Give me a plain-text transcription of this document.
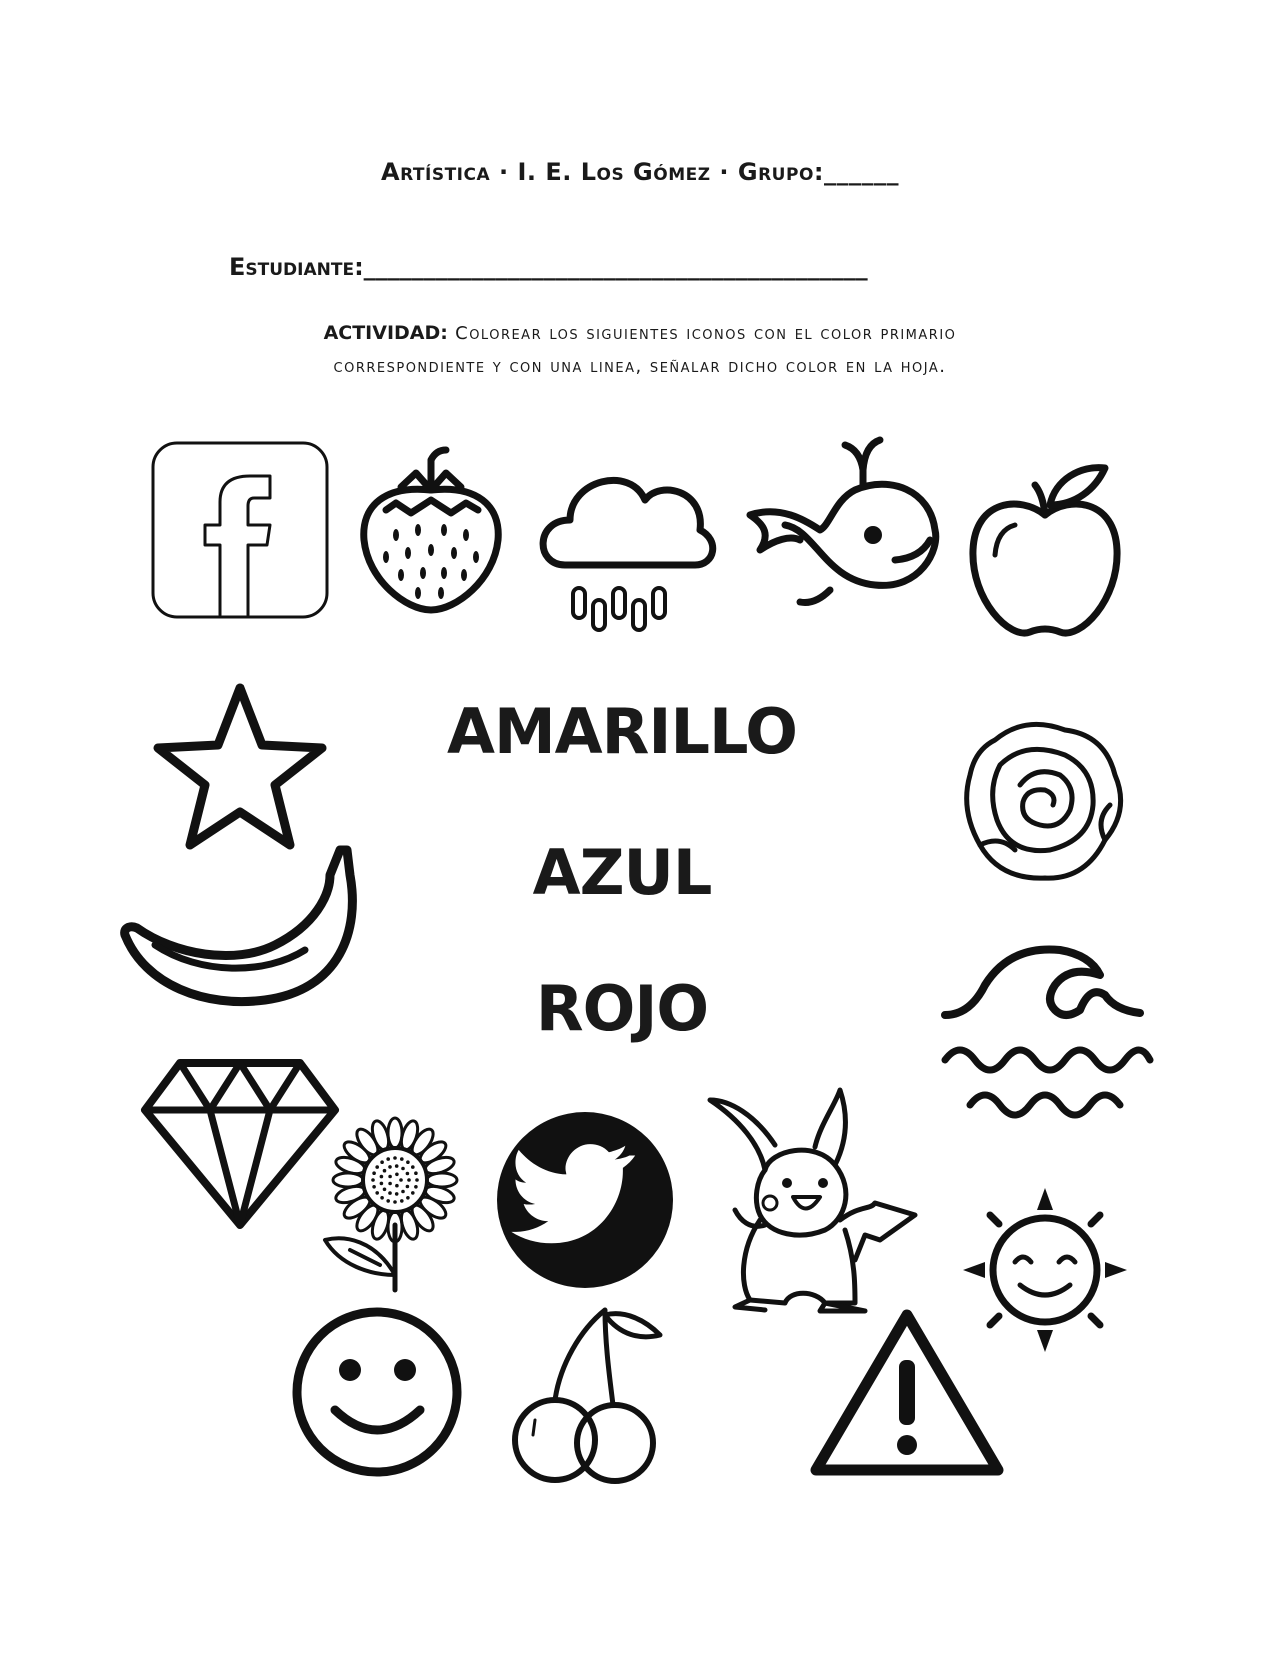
Artística · I. E. Los Gómez · Grupo:______
Estudiante:__________________________________________
ACTIVIDAD: Colorear los siguientes iconos con el color primario
correspondiente y con una linea, señalar dicho color en la hoja.
AMARILLO
AZUL
ROJO
